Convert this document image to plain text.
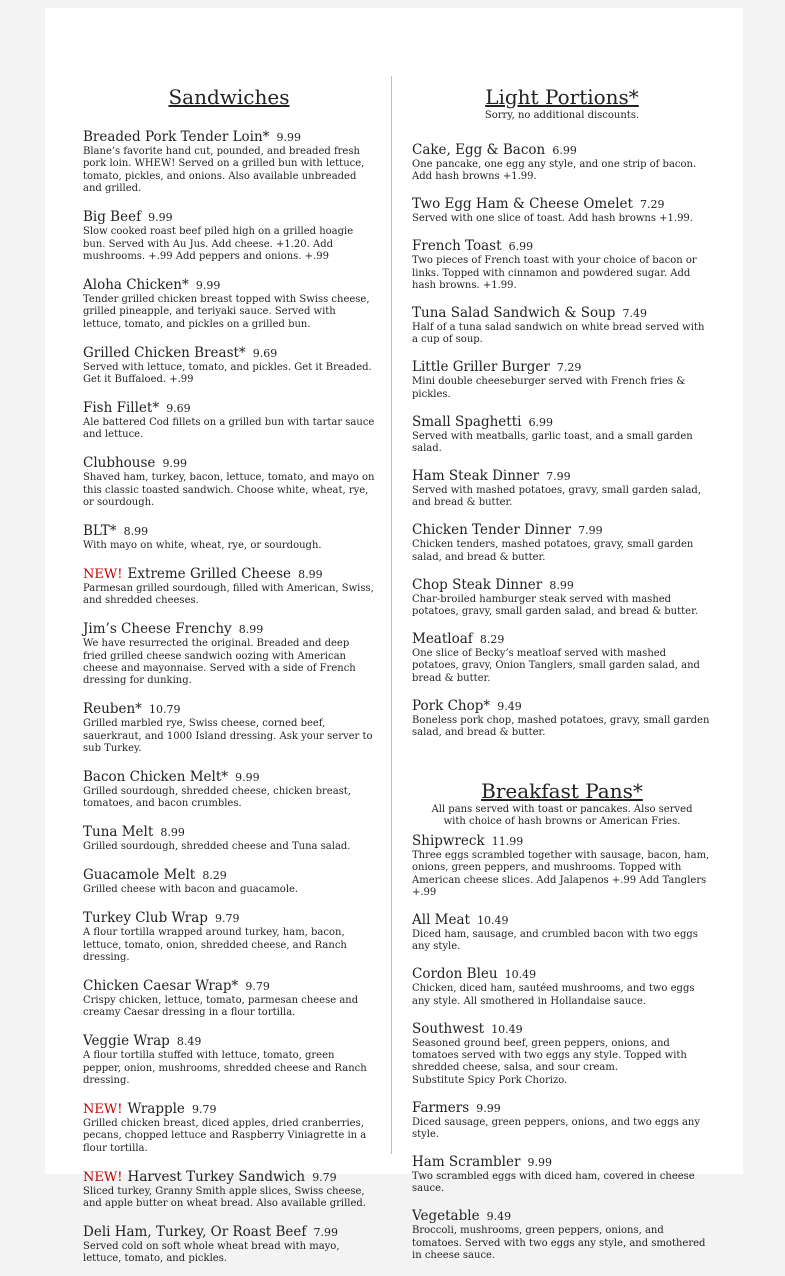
Sandwiches
Breaded Pork Tender Loin* 9.99
Blane’s favorite hand cut, pounded, and breaded fresh pork loin. WHEW! Served on a grilled bun with lettuce, tomato, pickles, and onions. Also available unbreaded and grilled.
Big Beef 9.99
Slow cooked roast beef piled high on a grilled hoagie bun. Served with Au Jus. Add cheese. +1.20. Add mushrooms. +.99 Add peppers and onions. +.99
Aloha Chicken* 9.99
Tender grilled chicken breast topped with Swiss cheese, grilled pineapple, and teriyaki sauce. Served with lettuce, tomato, and pickles on a grilled bun.
Grilled Chicken Breast* 9.69
Served with lettuce, tomato, and pickles. Get it Breaded. Get it Buffaloed. +.99
Fish Fillet* 9.69
Ale battered Cod fillets on a grilled bun with tartar sauce and lettuce.
Clubhouse 9.99
Shaved ham, turkey, bacon, lettuce, tomato, and mayo on this classic toasted sandwich. Choose white, wheat, rye, or sourdough.
BLT* 8.99
With mayo on white, wheat, rye, or sourdough.
NEW! Extreme Grilled Cheese 8.99
Parmesan grilled sourdough, filled with American, Swiss, and shredded cheeses.
Jim’s Cheese Frenchy 8.99
We have resurrected the original. Breaded and deep fried grilled cheese sandwich oozing with American cheese and mayonnaise. Served with a side of French dressing for dunking.
Reuben* 10.79
Grilled marbled rye, Swiss cheese, corned beef, sauerkraut, and 1000 Island dressing. Ask your server to sub Turkey.
Bacon Chicken Melt* 9.99
Grilled sourdough, shredded cheese, chicken breast, tomatoes, and bacon crumbles.
Tuna Melt 8.99
Grilled sourdough, shredded cheese and Tuna salad.
Guacamole Melt 8.29
Grilled cheese with bacon and guacamole.
Turkey Club Wrap 9.79
A flour tortilla wrapped around turkey, ham, bacon, lettuce, tomato, onion, shredded cheese, and Ranch dressing.
Chicken Caesar Wrap* 9.79
Crispy chicken, lettuce, tomato, parmesan cheese and creamy Caesar dressing in a flour tortilla.
Veggie Wrap 8.49
A flour tortilla stuffed with lettuce, tomato, green pepper, onion, mushrooms, shredded cheese and Ranch dressing.
NEW! Wrapple 9.79
Grilled chicken breast, diced apples, dried cranberries, pecans, chopped lettuce and Raspberry Viniagrette in a flour tortilla.
NEW! Harvest Turkey Sandwich 9.79
Sliced turkey, Granny Smith apple slices, Swiss cheese, and apple butter on wheat bread. Also available grilled.
Deli Ham, Turkey, Or Roast Beef 7.99
Served cold on soft whole wheat bread with mayo, lettuce, tomato, and pickles.
Light Portions*

Sorry, no additional discounts.

Cake, Egg & Bacon 6.99
One pancake, one egg any style, and one strip of bacon. Add hash browns +1.99.
Two Egg Ham & Cheese Omelet 7.29
Served with one slice of toast. Add hash browns +1.99.
French Toast 6.99
Two pieces of French toast with your choice of bacon or links. Topped with cinnamon and powdered sugar. Add hash browns. +1.99.
Tuna Salad Sandwich & Soup 7.49
Half of a tuna salad sandwich on white bread served with a cup of soup.
Little Griller Burger 7.29
Mini double cheeseburger served with French fries & pickles.
Small Spaghetti 6.99
Served with meatballs, garlic toast, and a small garden salad.
Ham Steak Dinner 7.99
Served with mashed potatoes, gravy, small garden salad, and bread & butter.
Chicken Tender Dinner 7.99
Chicken tenders, mashed potatoes, gravy, small garden salad, and bread & butter.
Chop Steak Dinner 8.99
Char-broiled hamburger steak served with mashed potatoes, gravy, small garden salad, and bread & butter.
Meatloaf 8.29
One slice of Becky’s meatloaf served with mashed potatoes, gravy, Onion Tanglers, small garden salad, and bread & butter.
Pork Chop* 9.49
Boneless pork chop, mashed potatoes, gravy, small garden salad, and bread & butter.
Breakfast Pans*

All pans served with toast or pancakes. Also served with choice of hash browns or American Fries.

Shipwreck 11.99
Three eggs scrambled together with sausage, bacon, ham, onions, green peppers, and mushrooms. Topped with American cheese slices. Add Jalapenos +.99 Add Tanglers +.99
All Meat 10.49
Diced ham, sausage, and crumbled bacon with two eggs any style.
Cordon Bleu 10.49
Chicken, diced ham, sautéed mushrooms, and two eggs any style. All smothered in Hollandaise sauce.
Southwest 10.49
Seasoned ground beef, green peppers, onions, and tomatoes served with two eggs any style. Topped with shredded cheese, salsa, and sour cream.
Substitute Spicy Pork Chorizo.
Farmers 9.99
Diced sausage, green peppers, onions, and two eggs any style.
Ham Scrambler 9.99
Two scrambled eggs with diced ham, covered in cheese sauce.
Vegetable 9.49
Broccoli, mushrooms, green peppers, onions, and tomatoes. Served with two eggs any style, and smothered in cheese sauce.
